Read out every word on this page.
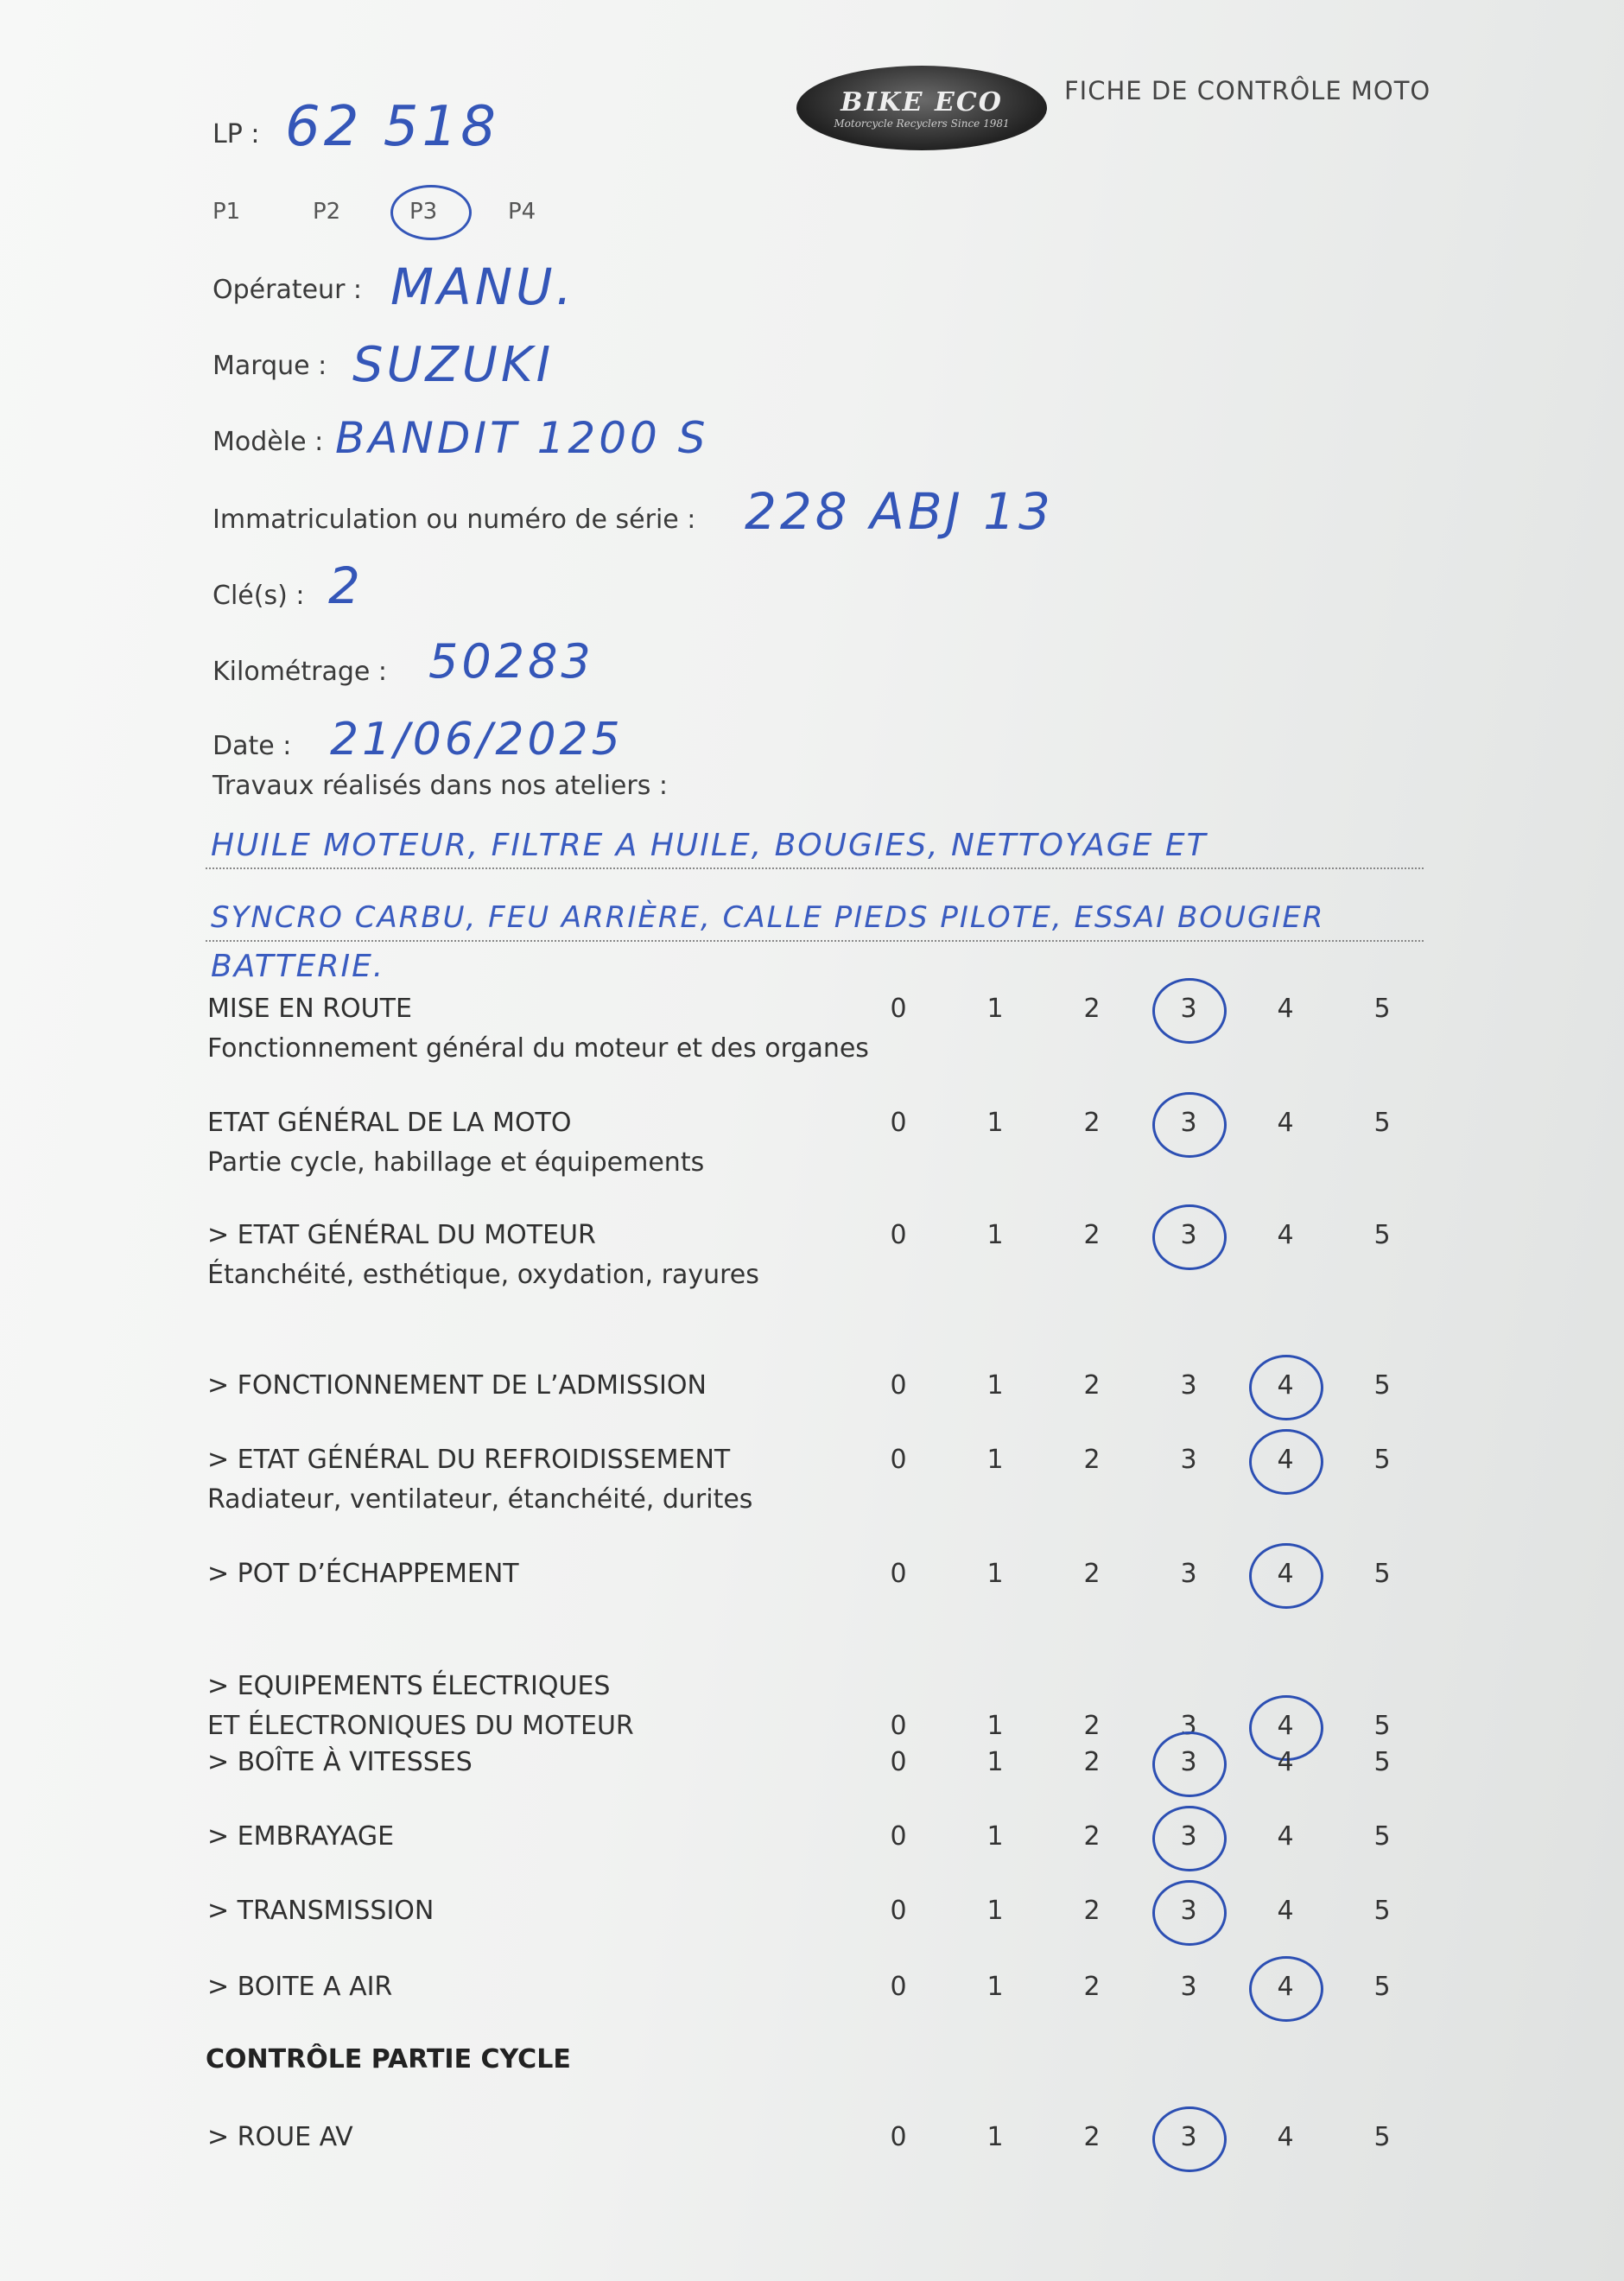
BIKE ECO
Motorcycle Recyclers Since 1981
FICHE DE CONTRÔLE MOTO
LP : 62 518
P1	P2	P3	P4
Opérateur : MANU.
Marque : SUZUKI
Modèle : BANDIT 1200 S
Immatriculation ou numéro de série : 228 ABJ 13
Clé(s) : 2
Kilométrage : 50283
Date : 21/06/2025
Travaux réalisés dans nos ateliers :
HUILE MOTEUR, FILTRE A HUILE, BOUGIES, NETTOYAGE ET
SYNCRO CARBU, FEU ARRIÈRE, CALLE PIEDS PILOTE, ESSAI BOUGIER
BATTERIE.
MISE EN ROUTE
Fonctionnement général du moteur et des organes
0	1	2	3	4	5
ETAT GÉNÉRAL DE LA MOTO
Partie cycle, habillage et équipements
0	1	2	3	4	5
> ETAT GÉNÉRAL DU MOTEUR
Étanchéité, esthétique, oxydation, rayures
0	1	2	3	4	5
> FONCTIONNEMENT DE L’ADMISSION	0	1	2	3	4	5
> ETAT GÉNÉRAL DU REFROIDISSEMENT
Radiateur, ventilateur, étanchéité, durites
0	1	2	3	4	5
> POT D’ÉCHAPPEMENT	0	1	2	3	4	5
> EQUIPEMENTS ÉLECTRIQUES
ET ÉLECTRONIQUES DU MOTEUR	0	1	2	3	4	5
> BOÎTE À VITESSES	0	1	2	3	4	5
> EMBRAYAGE	0	1	2	3	4	5
> TRANSMISSION	0	1	2	3	4	5
> BOITE A AIR	0	1	2	3	4	5
> ROUE AV	0	1	2	3	4	5
CONTRÔLE PARTIE CYCLE
